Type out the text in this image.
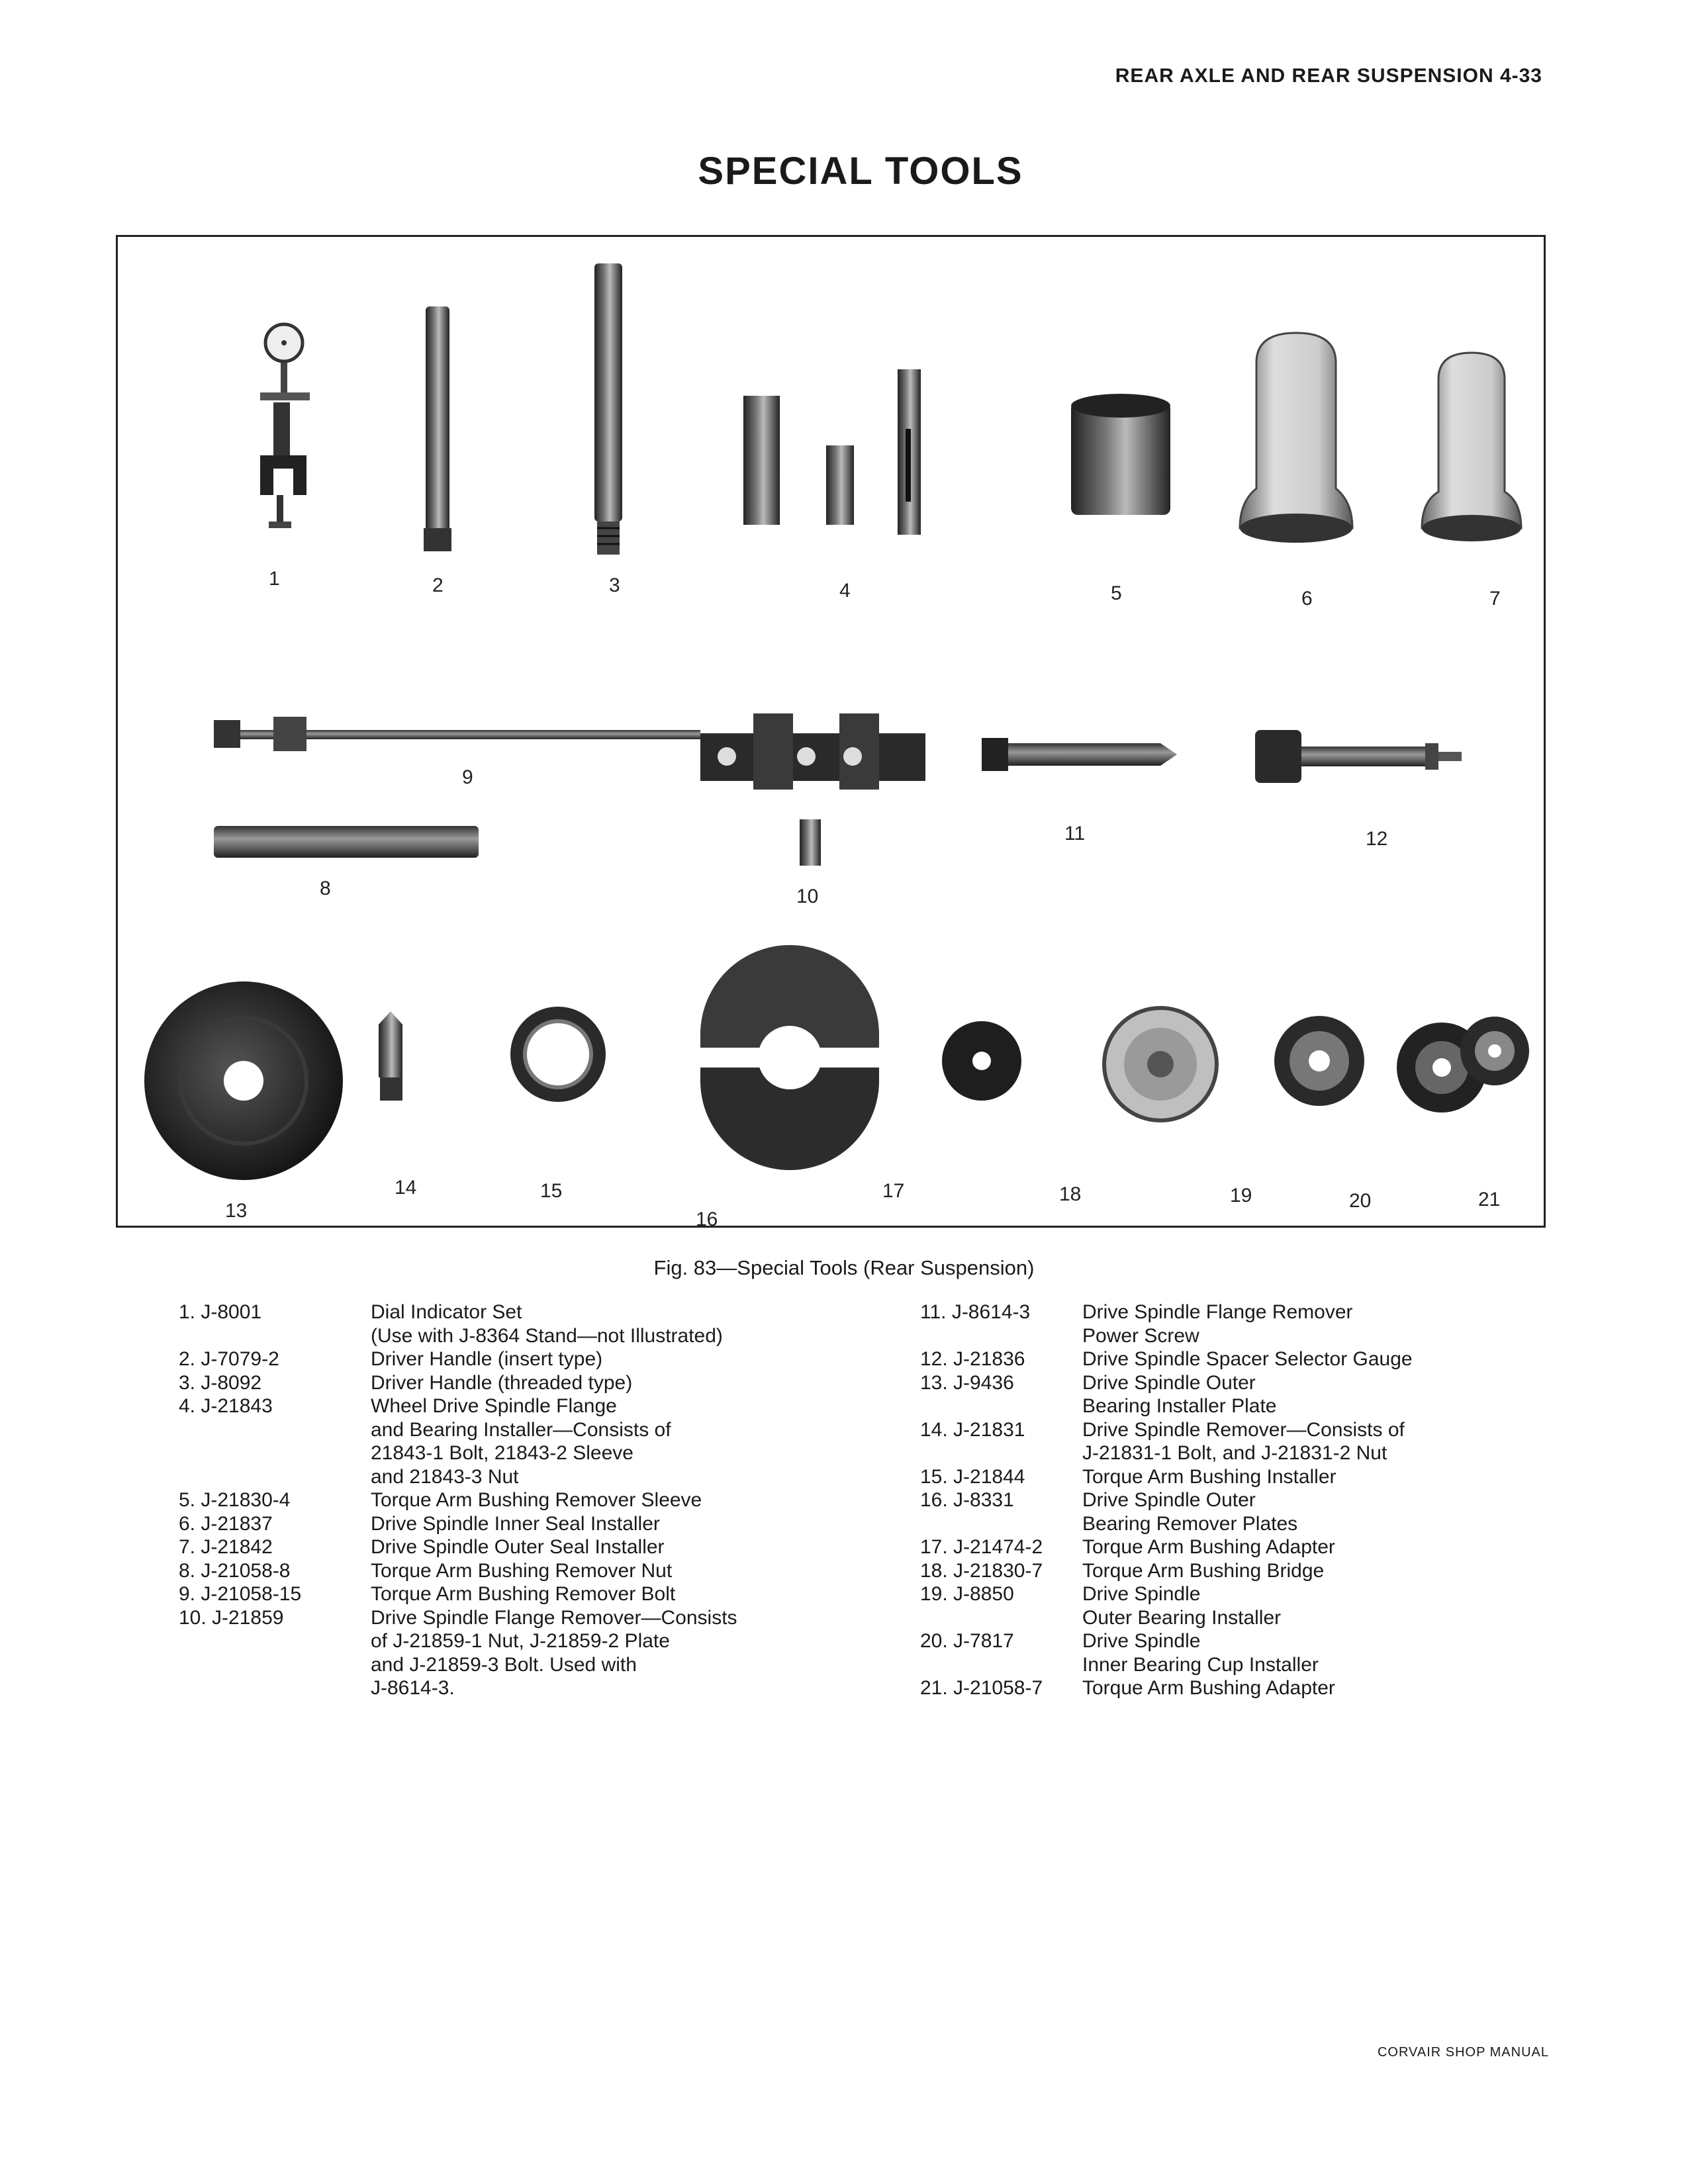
REAR AXLE AND REAR SUSPENSION 4-33
SPECIAL TOOLS
1	2	3	4	5	6	7
8
9
10
11	12
13
14	15
16
17	18	19	20	21
Fig. 83—Special Tools (Rear Suspension)
1. J-8001	Dial Indicator Set
(Use with J-8364 Stand—not Illustrated)
2. J-7079-2	Driver Handle (insert type)
3. J-8092	Driver Handle (threaded type)
4. J-21843	Wheel Drive Spindle Flange
and Bearing Installer—Consists of
21843-1 Bolt, 21843-2 Sleeve
and 21843-3 Nut
5. J-21830-4	Torque Arm Bushing Remover Sleeve
6. J-21837	Drive Spindle Inner Seal Installer
7. J-21842	Drive Spindle Outer Seal Installer
8. J-21058-8	Torque Arm Bushing Remover Nut
9. J-21058-15	Torque Arm Bushing Remover Bolt
10. J-21859	Drive Spindle Flange Remover—Consists
of J-21859-1 Nut, J-21859-2 Plate
and J-21859-3 Bolt. Used with
J-8614-3.
11. J-8614-3	Drive Spindle Flange Remover
Power Screw
12. J-21836	Drive Spindle Spacer Selector Gauge
13. J-9436	Drive Spindle Outer
Bearing Installer Plate
14. J-21831	Drive Spindle Remover—Consists of
J-21831-1 Bolt, and J-21831-2 Nut
15. J-21844	Torque Arm Bushing Installer
16. J-8331	Drive Spindle Outer
Bearing Remover Plates
17. J-21474-2	Torque Arm Bushing Adapter
18. J-21830-7	Torque Arm Bushing Bridge
19. J-8850	Drive Spindle
Outer Bearing Installer
20. J-7817	Drive Spindle
Inner Bearing Cup Installer
21. J-21058-7	Torque Arm Bushing Adapter
CORVAIR SHOP MANUAL
